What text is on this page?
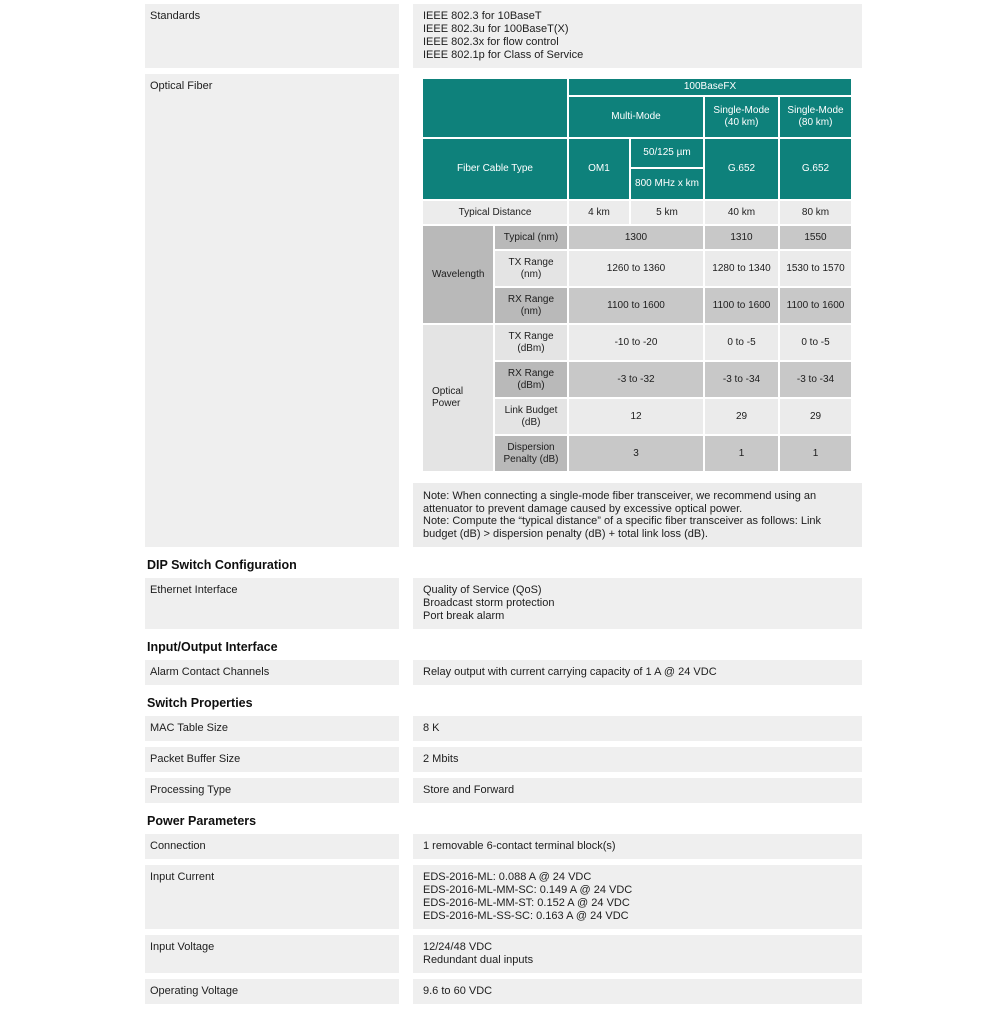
Standards	IEEE 802.3 for 10BaseT
IEEE 802.3u for 100BaseT(X)
IEEE 802.3x for flow control
IEEE 802.1p for Class of Service
Optical Fiber
		100BaseFX			
		Multi-Mode		Single-Mode (40 km)	Single-Mode (80 km)
Fiber Cable Type		OM1	50/125 µm	G.652	G.652
			800 MHz x km		
Typical Distance		4 km	5 km	40 km	80 km
Wavelength	Typical (nm)	1300		1310	1550
	TX Range (nm)	1260 to 1360		1280 to 1340	1530 to 1570
	RX Range (nm)	1100 to 1600		1100 to 1600	1100 to 1600
Optical Power	TX Range (dBm)	-10 to -20		0 to -5	0 to -5
	RX Range (dBm)	-3 to -32		-3 to -34	-3 to -34
	Link Budget (dB)	12		29	29
	Dispersion Penalty (dB)	3		1	1
Note: When connecting a single-mode fiber transceiver, we recommend using an attenuator to prevent damage caused by excessive optical power.
Note: Compute the “typical distance” of a specific fiber transceiver as follows: Link budget (dB) > dispersion penalty (dB) + total link loss (dB).
DIP Switch Configuration
Ethernet Interface	Quality of Service (QoS)
Broadcast storm protection
Port break alarm
Input/Output Interface
Alarm Contact Channels	Relay output with current carrying capacity of 1 A @ 24 VDC
Switch Properties
MAC Table Size	8 K
Packet Buffer Size	2 Mbits
Processing Type	Store and Forward
Power Parameters
Connection	1 removable 6-contact terminal block(s)
Input Current	EDS-2016-ML: 0.088 A @ 24 VDC
EDS-2016-ML-MM-SC: 0.149 A @ 24 VDC
EDS-2016-ML-MM-ST: 0.152 A @ 24 VDC
EDS-2016-ML-SS-SC: 0.163 A @ 24 VDC
Input Voltage	12/24/48 VDC
Redundant dual inputs
Operating Voltage	9.6 to 60 VDC
